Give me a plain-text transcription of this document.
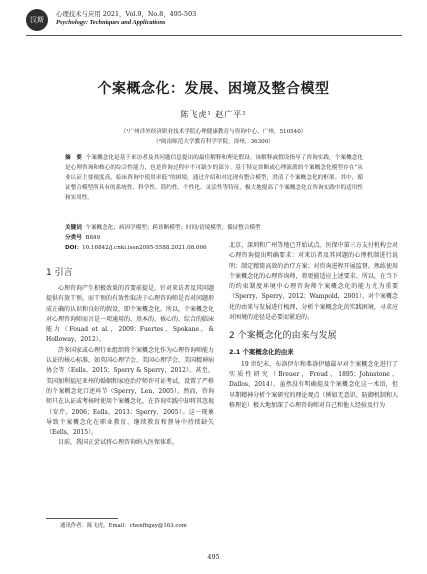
汉斯
心理技术与应用 2021，Vol.9，No.8，495-503
Psychology: Techniques and Applications
个案概念化：发展、困境及整合模型
陈飞虎¹ 赵广平²
（¹广州涉外经济职业技术学院心理健康教育与咨询中心，广州，510540）
（²闽南师范大学教育科学学院，漳州，36300）
摘　要 个案概念化是基于来访者及其问题信息提出的最佳解释和理论假设、该解释或假设指导了咨询实践。个案概念化是心理咨询和核心的综合性能力，也是咨询过程中不可缺少的部分。基于特定诊断或心理流派的个案概念化模型存在“从业认证主要视度高，临床咨询中使用率低”的困境。通过介绍和对比现有整合模型，澄清了个案概念化的框架。其中，循证整合模型所具有的系统性、科学性、简约性、个性化、灵活性等特征，极大地提高了个案概念化在咨询实践中的适用性和实用性。
关键词 个案概念化；病因学模型；跨诊断模型；时间/语境模型；循证整合模型
分类号 B849
DOI：10.16842/j.cnki.issn2095-5588.2021.08.006
1 引言

心理咨询产生积极效果的首要前提是，针对来访者及其问题提供有效干预。而干预的有效性取决于心理咨询师是否对问题形成正确的认识和良好的假设，即个案概念化。所以，个案概念化对心理咨询师而言是一项通用的、基本的、核心的、综合的临床能力（Fouad et al.，2009；Fuertes，Spokane，& Holloway，2012）。

許多国家或心理行业组织将个案概念化作为心理咨询师能力认证的核心标准，如英国心理学会、美国心理学会、美国精神病协会等（Eells，2015；Sperry & Sperry，2012）。甚至，美国加利福尼亚州的婚姻和家庭治疗师许可证考试，设置了严格的个案概念化口述环节（Sperry，Len，2005）。然而，咨询师只在认证或考核时使用个案概念化，在咨询实践中却将其忽视（安芹，2006；Eells，2013；Sperry，2005）。这一现象导致个案概念化在职业教育、继续教育和督导中持续缺失（Eells，2015）。

目前，我国正尝试将心理咨询纳入医保体系，

北京、深圳和广州等地已开始试点。医保中第三方支付机构会对心理咨询提出明确要求：对来访者及其问题的心理机制进行说明；制定精简高效的治疗方案；对咨询进程开展监督。熟练使用个案概念化的心理咨询师，将更能适应上述要求。所以，在当下的约束制度环境中心理咨询师个案概念化的能力尤为重要（Sperry，Sperry，2012；Wampold，2001）。对个案概念化的由来与发展进行梳理，分析个案概念化的实践困境，寻求应对困境的途径是必要而紧迫的。

2 个案概念化的由来与发展
2.1 个案概念化的由来

19 世纪末，布洛伊尔和弗洛伊德最早对个案概念化进行了实质性研究（Breuer，Freud，1895；Johnstone，Dallos，2014）。虽然没有明确提及个案概念化这一术语，但早期精神分析个案研究的理论观点（例如无意识、防御机制和人格理论）极大地加深了心理咨询师对自己和他人经验及行为

通讯作者：陈飞虎，Email：chenfhgay@163.com
495
